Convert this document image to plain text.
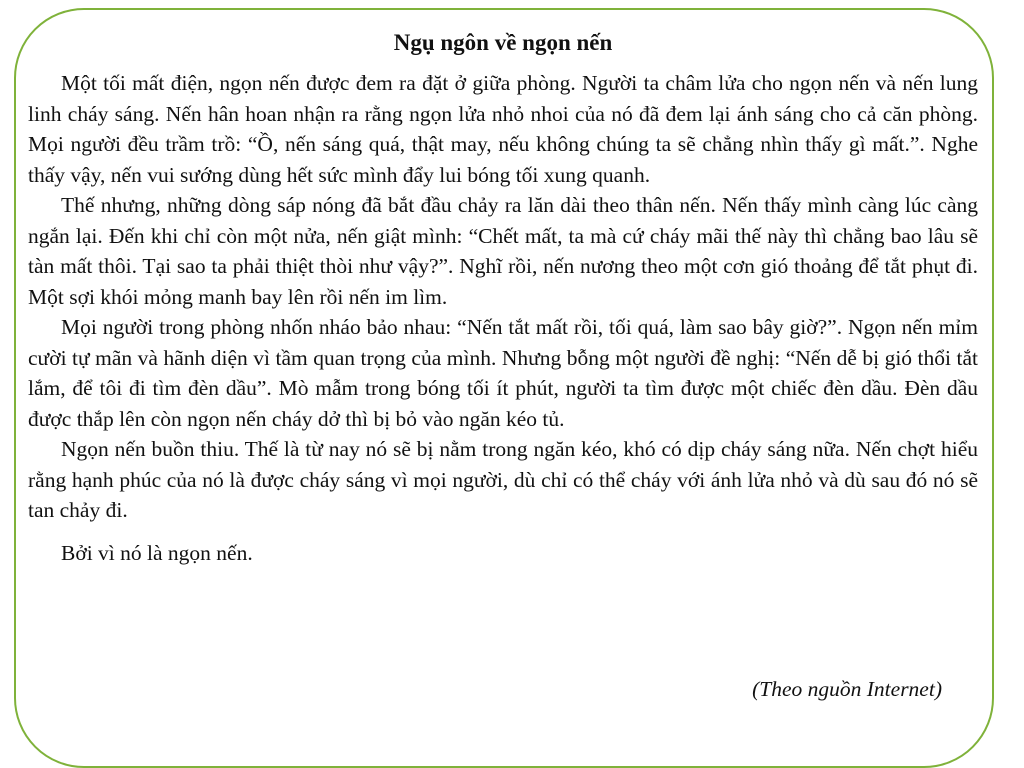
Ngụ ngôn về ngọn nến

Một tối mất điện, ngọn nến được đem ra đặt ở giữa phòng. Người ta châm lửa cho ngọn nến và nến lung linh cháy sáng. Nến hân hoan nhận ra rằng ngọn lửa nhỏ nhoi của nó đã đem lại ánh sáng cho cả căn phòng. Mọi người đều trầm trồ: “Ồ, nến sáng quá, thật may, nếu không chúng ta sẽ chẳng nhìn thấy gì mất.”. Nghe thấy vậy, nến vui sướng dùng hết sức mình đẩy lui bóng tối xung quanh.

Thế nhưng, những dòng sáp nóng đã bắt đầu chảy ra lăn dài theo thân nến. Nến thấy mình càng lúc càng ngắn lại. Đến khi chỉ còn một nửa, nến giật mình: “Chết mất, ta mà cứ cháy mãi thế này thì chẳng bao lâu sẽ tàn mất thôi. Tại sao ta phải thiệt thòi như vậy?”. Nghĩ rồi, nến nương theo một cơn gió thoảng để tắt phụt đi. Một sợi khói mỏng manh bay lên rồi nến im lìm.

Mọi người trong phòng nhốn nháo bảo nhau: “Nến tắt mất rồi, tối quá, làm sao bây giờ?”. Ngọn nến mỉm cười tự mãn và hãnh diện vì tầm quan trọng của mình. Nhưng bỗng một người đề nghị: “Nến dễ bị gió thổi tắt lắm, để tôi đi tìm đèn dầu”. Mò mẫm trong bóng tối ít phút, người ta tìm được một chiếc đèn dầu. Đèn dầu được thắp lên còn ngọn nến cháy dở thì bị bỏ vào ngăn kéo tủ.

Ngọn nến buồn thiu. Thế là từ nay nó sẽ bị nằm trong ngăn kéo, khó có dịp cháy sáng nữa. Nến chợt hiểu rằng hạnh phúc của nó là được cháy sáng vì mọi người, dù chỉ có thể cháy với ánh lửa nhỏ và dù sau đó nó sẽ tan chảy đi.

Bởi vì nó là ngọn nến.

(Theo nguồn Internet)
